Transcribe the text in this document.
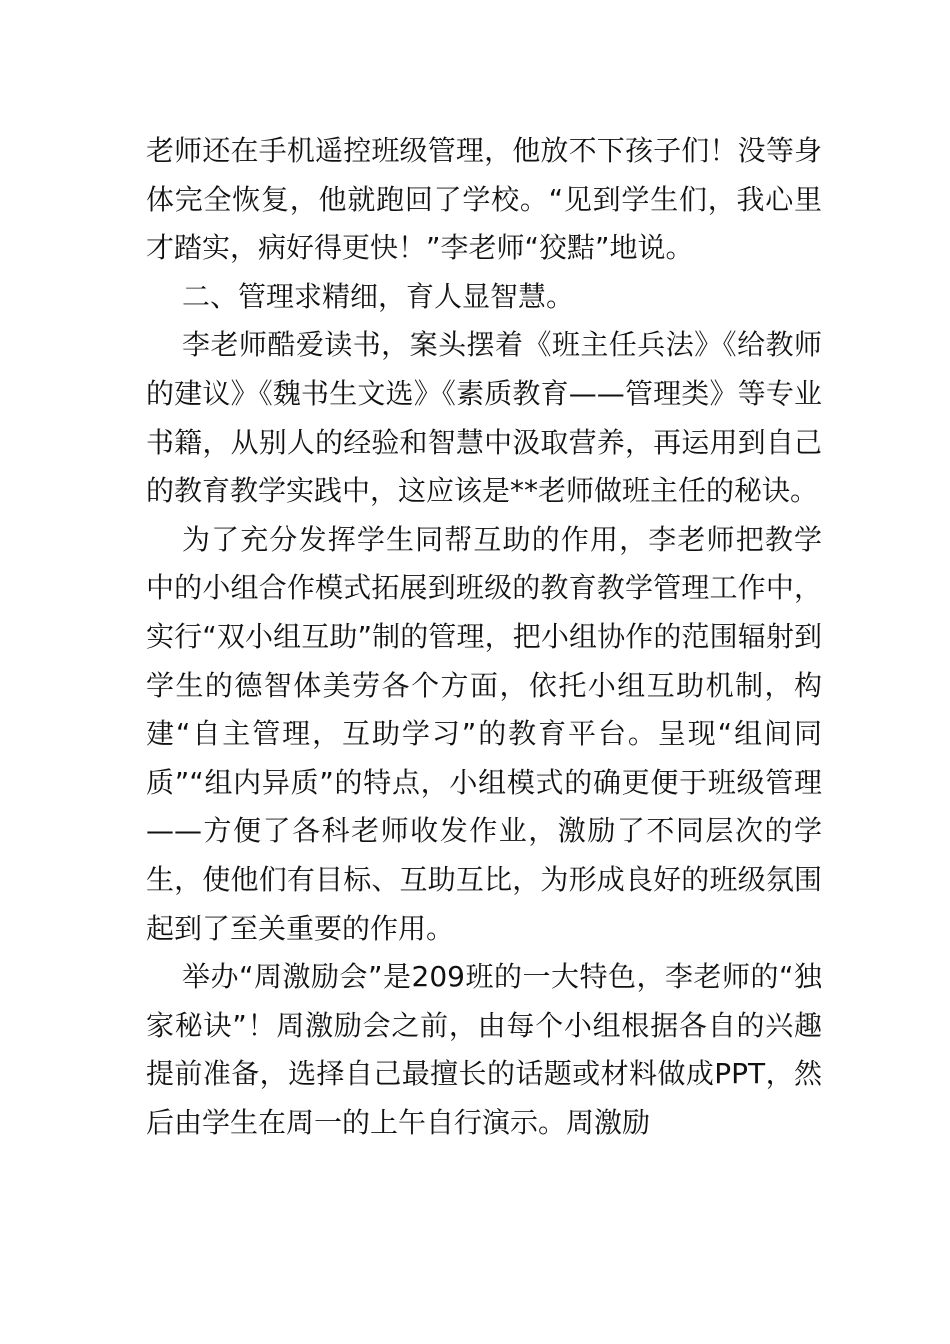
老师还在手机遥控班级管理，他放不下孩子们！没等身体完全恢复，他就跑回了学校。“见到学生们，我心里才踏实，病好得更快！”李老师“狡黠”地说。

二、管理求精细，育人显智慧。

李老师酷爱读书，案头摆着《班主任兵法》《给教师的建议》《魏书生文选》《素质教育——管理类》等专业书籍，从别人的经验和智慧中汲取营养，再运用到自己的教育教学实践中，这应该是**老师做班主任的秘诀。

为了充分发挥学生同帮互助的作用，李老师把教学中的小组合作模式拓展到班级的教育教学管理工作中，实行“双小组互助”制的管理，把小组协作的范围辐射到学生的德智体美劳各个方面，依托小组互助机制，构建“自主管理，互助学习”的教育平台。呈现“组间同质”“组内异质”的特点，小组模式的确更便于班级管理——方便了各科老师收发作业，激励了不同层次的学生，使他们有目标、互助互比，为形成良好的班级氛围起到了至关重要的作用。

举办“周激励会”是209班的一大特色，李老师的“独家秘诀”！周激励会之前，由每个小组根据各自的兴趣提前准备，选择自己最擅长的话题或材料做成PPT，然后由学生在周一的上午自行演示。周激励
